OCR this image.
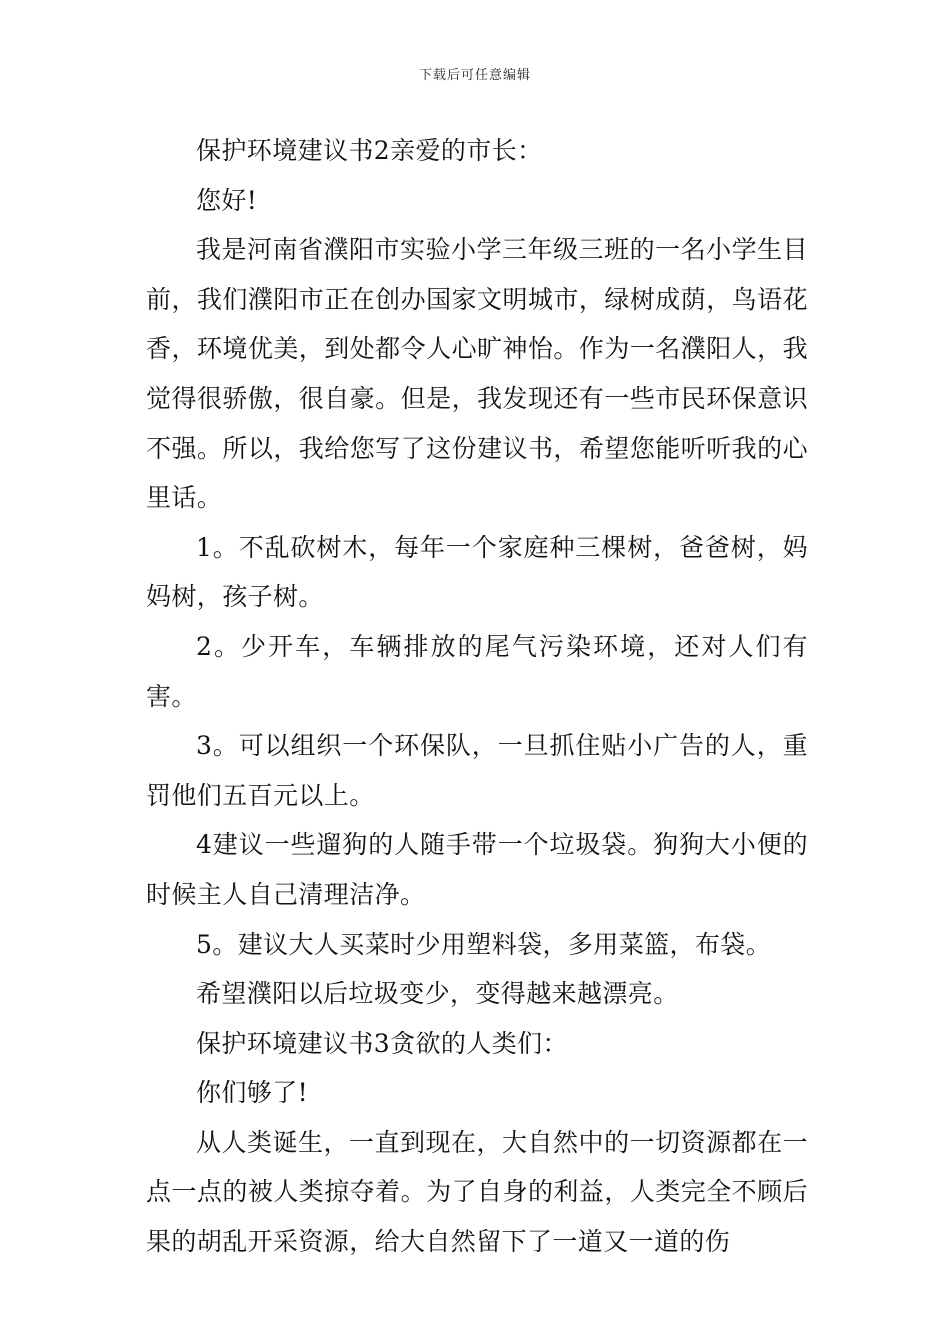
下载后可任意编辑

保护环境建议书2亲爱的市长：

您好!

我是河南省濮阳市实验小学三年级三班的一名小学生目前，我们濮阳市正在创办国家文明城市，绿树成荫，鸟语花香，环境优美，到处都令人心旷神怡。作为一名濮阳人，我觉得很骄傲，很自豪。但是，我发现还有一些市民环保意识不强。所以，我给您写了这份建议书，希望您能听听我的心里话。

1。不乱砍树木，每年一个家庭种三棵树，爸爸树，妈妈树，孩子树。

2。少开车，车辆排放的尾气污染环境，还对人们有害。

3。可以组织一个环保队，一旦抓住贴小广告的人，重罚他们五百元以上。

4建议一些遛狗的人随手带一个垃圾袋。狗狗大小便的时候主人自己清理洁净。

5。建议大人买菜时少用塑料袋，多用菜篮，布袋。

希望濮阳以后垃圾变少，变得越来越漂亮。

保护环境建议书3贪欲的人类们：

你们够了!

从人类诞生，一直到现在，大自然中的一切资源都在一点一点的被人类掠夺着。为了自身的利益，人类完全不顾后果的胡乱开采资源，给大自然留下了一道又一道的伤
